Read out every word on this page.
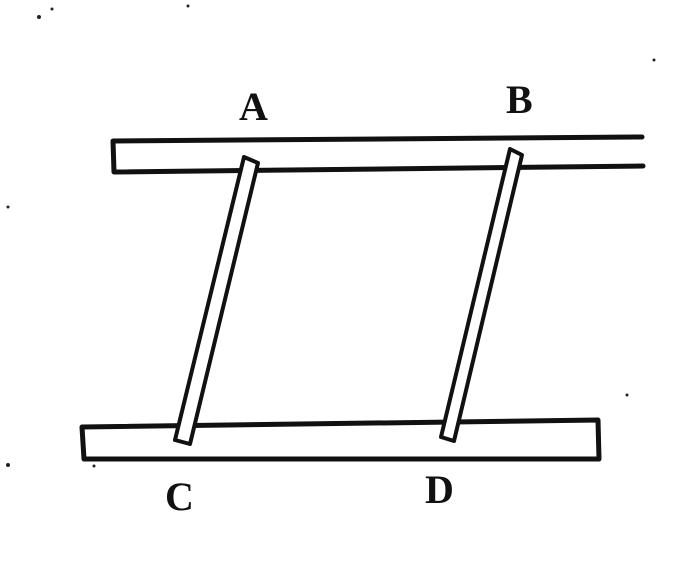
A	B
C	D
